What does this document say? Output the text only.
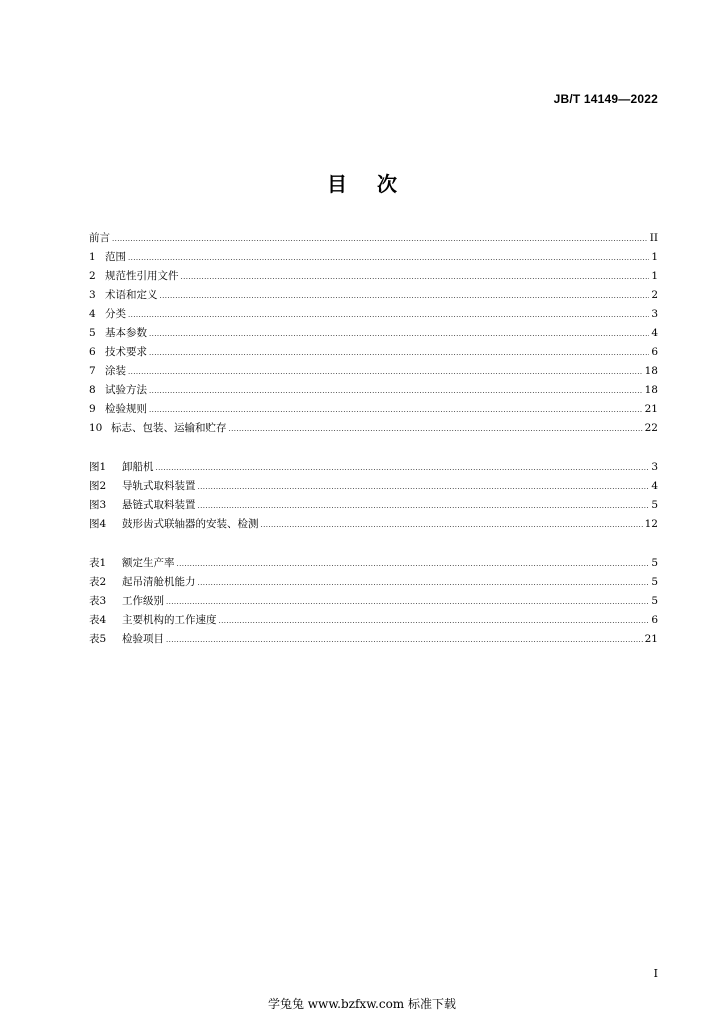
JB/T 14149—2022
目次
前言 .....	II
1 范围 .....	1
2 规范性引用文件 .....	1
3 术语和定义 .....	2
4 分类 .....	3
5 基本参数 .....	4
6 技术要求 .....	6
7 涂装 .....	18
8 试验方法 .....	18
9 检验规则 .....	21
10 标志、包装、运输和贮存 .....	22
图1	卸船机 .....	3
图2	导轨式取料装置 .....	4
图3	悬链式取料装置 .....	5
图4	鼓形齿式联轴器的安装、检测 .....	12
表1	额定生产率 .....	5
表2	起吊清舱机能力 .....	5
表3	工作级别 .....	5
表4	主要机构的工作速度 .....	6
表5	检验项目 .....	21
I
学兔兔 www.bzfxw.com 标准下载
